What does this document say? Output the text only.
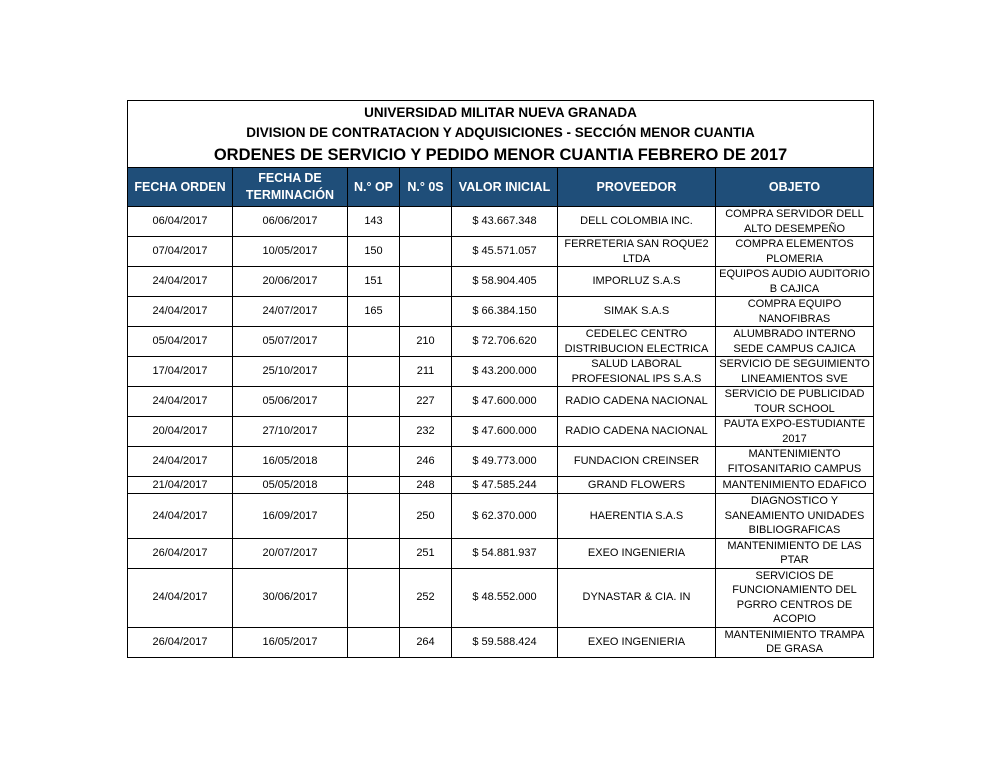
UNIVERSIDAD MILITAR NUEVA GRANADA
DIVISION DE CONTRATACION Y ADQUISICIONES - SECCIÓN MENOR CUANTIA
ORDENES DE SERVICIO Y PEDIDO MENOR CUANTIA FEBRERO DE 2017						

FECHA ORDEN	FECHA DE TERMINACIÓN	N.° OP	N.° 0S	VALOR INICIAL	PROVEEDOR	OBJETO
06/04/2017	06/06/2017	143		$ 43.667.348	DELL COLOMBIA INC.	COMPRA SERVIDOR DELL ALTO DESEMPEÑO
07/04/2017	10/05/2017	150		$ 45.571.057	FERRETERIA SAN ROQUE2 LTDA	COMPRA ELEMENTOS PLOMERIA
24/04/2017	20/06/2017	151		$ 58.904.405	IMPORLUZ S.A.S	EQUIPOS AUDIO AUDITORIO B CAJICA
24/04/2017	24/07/2017	165		$ 66.384.150	SIMAK S.A.S	COMPRA EQUIPO NANOFIBRAS
05/04/2017	05/07/2017		210	$ 72.706.620	CEDELEC CENTRO DISTRIBUCION ELECTRICA	ALUMBRADO INTERNO SEDE CAMPUS CAJICA
17/04/2017	25/10/2017		211	$ 43.200.000	SALUD LABORAL PROFESIONAL IPS S.A.S	SERVICIO DE SEGUIMIENTO LINEAMIENTOS SVE
24/04/2017	05/06/2017		227	$ 47.600.000	RADIO CADENA NACIONAL	SERVICIO DE PUBLICIDAD TOUR SCHOOL
20/04/2017	27/10/2017		232	$ 47.600.000	RADIO CADENA NACIONAL	PAUTA EXPO-ESTUDIANTE 2017
24/04/2017	16/05/2018		246	$ 49.773.000	FUNDACION CREINSER	MANTENIMIENTO FITOSANITARIO CAMPUS
21/04/2017	05/05/2018		248	$ 47.585.244	GRAND FLOWERS	MANTENIMIENTO EDAFICO
24/04/2017	16/09/2017		250	$ 62.370.000	HAERENTIA S.A.S	DIAGNOSTICO Y SANEAMIENTO UNIDADES BIBLIOGRAFICAS
26/04/2017	20/07/2017		251	$ 54.881.937	EXEO INGENIERIA	MANTENIMIENTO DE LAS PTAR
24/04/2017	30/06/2017		252	$ 48.552.000	DYNASTAR & CIA. IN	SERVICIOS DE FUNCIONAMIENTO DEL PGRRO CENTROS DE ACOPIO
26/04/2017	16/05/2017		264	$ 59.588.424	EXEO INGENIERIA	MANTENIMIENTO TRAMPA DE GRASA
